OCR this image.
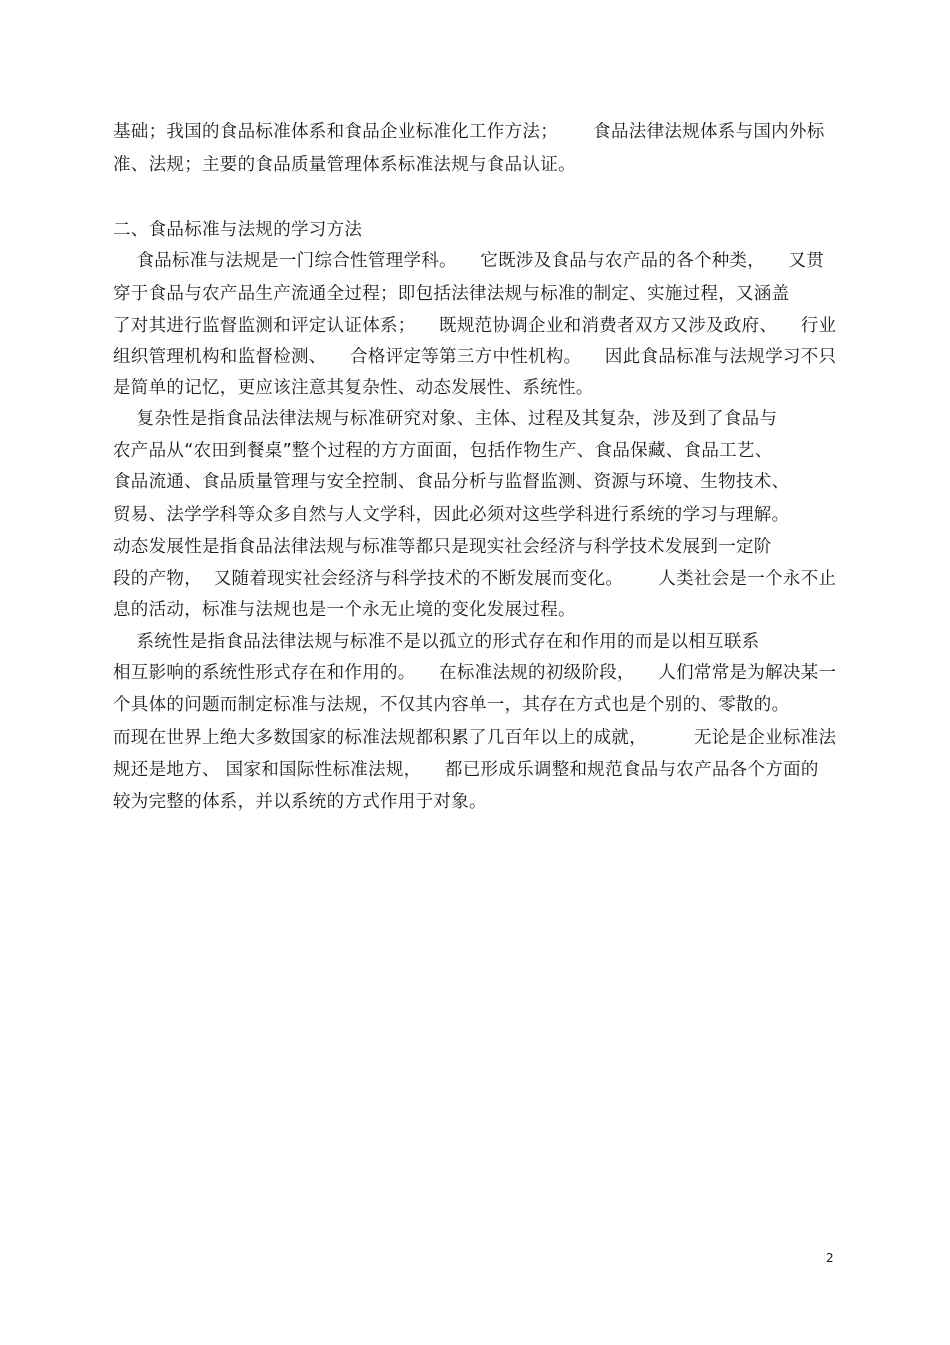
基础；我国的食品标准体系和食品企业标准化工作方法；      食品法律法规体系与国内外标
准、法规；主要的食品质量管理体系标准法规与食品认证。
二、食品标准与法规的学习方法
食品标准与法规是一门综合性管理学科。    它既涉及食品与农产品的各个种类，    又贯
穿于食品与农产品生产流通全过程；即包括法律法规与标准的制定、实施过程，又涵盖
了对其进行监督监测和评定认证体系；    既规范协调企业和消费者双方又涉及政府、    行业
组织管理机构和监督检测、    合格评定等第三方中性机构。    因此食品标准与法规学习不只
是简单的记忆，更应该注意其复杂性、动态发展性、系统性。
复杂性是指食品法律法规与标准研究对象、主体、过程及其复杂，涉及到了食品与
农产品从“农田到餐桌”整个过程的方方面面，包括作物生产、食品保藏、食品工艺、
食品流通、食品质量管理与安全控制、食品分析与监督监测、资源与环境、生物技术、
贸易、法学学科等众多自然与人文学科，因此必须对这些学科进行系统的学习与理解。
动态发展性是指食品法律法规与标准等都只是现实社会经济与科学技术发展到一定阶
段的产物，  又随着现实社会经济与科学技术的不断发展而变化。      人类社会是一个永不止
息的活动，标准与法规也是一个永无止境的变化发展过程。
系统性是指食品法律法规与标准不是以孤立的形式存在和作用的而是以相互联系
相互影响的系统性形式存在和作用的。    在标准法规的初级阶段，    人们常常是为解决某一
个具体的问题而制定标准与法规，不仅其内容单一，其存在方式也是个别的、零散的。
而现在世界上绝大多数国家的标准法规都积累了几百年以上的成就，        无论是企业标准法
规还是地方、 国家和国际性标准法规，    都已形成乐调整和规范食品与农产品各个方面的
较为完整的体系，并以系统的方式作用于对象。
2
